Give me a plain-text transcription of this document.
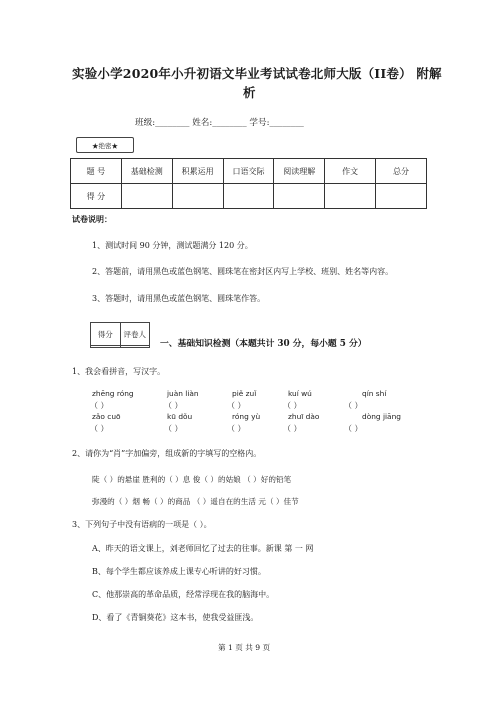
实验小学2020年小升初语文毕业考试试卷北师大版（II卷） 附解
析
班级:________ 姓名:________ 学号:________
★绝密★
题 号	基础检测	积累运用	口语交际	阅读理解	作文	总分
得 分						
试卷说明：
1、测试时间 90 分钟，测试题满分 120 分。
2、答题前，请用黑色或蓝色钢笔、圆珠笔在密封区内写上学校、班别、姓名等内容。
3、答题时，请用黑色或蓝色钢笔、圆珠笔作答。
得分	评卷人

一、基础知识检测（本题共计 30 分，每小题 5 分）
1、我会看拼音，写汉字。
zhēng róng	juàn liàn	piě zuǐ	kuí wú	qín shí
（ ）	（ ）	（ ）	（ ）	（ ）
zǎo cuō	kū dǒu	róng yù	zhuī dào	dòng jiāng
（ ）	（ ）	（ ）	（ ）	（ ）
2、请你为“肖”字加偏旁，组成新的字填写的空格内。
陡（ ）的悬崖 胜利的（ ）息 俊（ ）的姑娘 （ ）好的铅笔
弥漫的（ ）烟 畅（ ）的商品 （ ）遥自在的生活 元（ ）佳节
3、下列句子中没有语病的一项是（ ）。
A、昨天的语文课上，刘老师回忆了过去的往事。新课 第 一 网
B、每个学生都应该养成上课专心听讲的好习惯。
C、他那崇高的革命品质，经常浮现在我的脑海中。
D、看了《青铜葵花》这本书，使我受益匪浅。
第 1 页 共 9 页
